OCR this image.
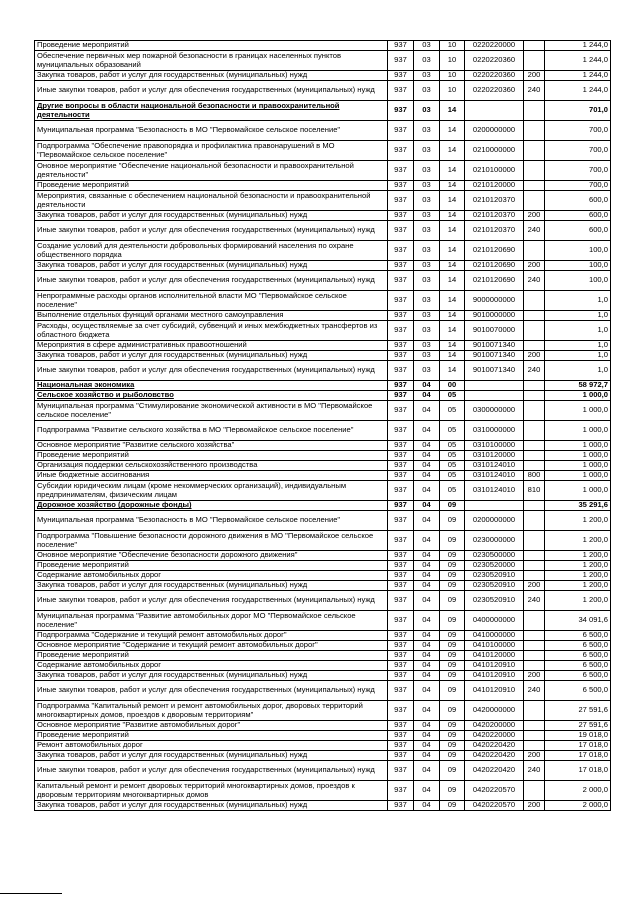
Проведение мероприятий	937	03	10	0220220000		1 244,0
Обеспечение первичных мер пожарной безопасности в границах населенных пунктов муниципальных образований	937	03	10	0220220360		1 244,0
Закупка товаров, работ и услуг для государственных (муниципальных) нужд	937	03	10	0220220360	200	1 244,0
Иные закупки товаров, работ и услуг для обеспечения государственных (муниципальных) нужд	937	03	10	0220220360	240	1 244,0
Другие вопросы в области национальной безопасности и правоохранительной деятельности	937	03	14			701,0
Муниципальная программа "Безопасность в МО "Первомайское сельское поселение"	937	03	14	0200000000		700,0
Подпрограмма "Обеспечение правопорядка и профилактика правонарушений в МО "Первомайское сельское поселение"	937	03	14	0210000000		700,0
Оновное мероприятие "Обеспечение национальной безопасности и правоохранительной деятельности"	937	03	14	0210100000		700,0
Проведение мероприятий	937	03	14	0210120000		700,0
Мероприятия, связанные с обеспечением национальной безопасности и правоохранительной деятельности	937	03	14	0210120370		600,0
Закупка товаров, работ и услуг для государственных (муниципальных) нужд	937	03	14	0210120370	200	600,0
Иные закупки товаров, работ и услуг для обеспечения государственных (муниципальных) нужд	937	03	14	0210120370	240	600,0
Создание условий для деятельности добровольных формирований населения по охране общественного порядка	937	03	14	0210120690		100,0
Закупка товаров, работ и услуг для государственных (муниципальных) нужд	937	03	14	0210120690	200	100,0
Иные закупки товаров, работ и услуг для обеспечения государственных (муниципальных) нужд	937	03	14	0210120690	240	100,0
Непрограммные расходы органов исполнительной власти МО "Первомайское сельское поселение"	937	03	14	9000000000		1,0
Выполнение отдельных функций органами местного самоуправления	937	03	14	9010000000		1,0
Расходы, осуществляемые за счет субсидий, субвенций и иных межбюджетных трансфертов из областного бюджета	937	03	14	9010070000		1,0
Мероприятия в сфере административных правоотношений	937	03	14	9010071340		1,0
Закупка товаров, работ и услуг для государственных (муниципальных) нужд	937	03	14	9010071340	200	1,0
Иные закупки товаров, работ и услуг для обеспечения государственных (муниципальных) нужд	937	03	14	9010071340	240	1,0
Национальная экономика	937	04	00			58 972,7
Сельское хозяйство и рыболовство	937	04	05			1 000,0
Муниципальная программа "Стимулирование экономической активности в МО "Первомайское сельское поселение"	937	04	05	0300000000		1 000,0
Подпрограмма "Развитие сельского хозяйства в МО "Первомайское сельское поселение"	937	04	05	0310000000		1 000,0
Основное мероприятие "Развитие сельского хозяйства"	937	04	05	0310100000		1 000,0
Проведение мероприятий	937	04	05	0310120000		1 000,0
Организация поддержки сельскохозяйственного производства	937	04	05	0310124010		1 000,0
Иные бюджетные ассигнования	937	04	05	0310124010	800	1 000,0
Субсидии юридическим лицам (кроме некоммерческих организаций), индивидуальным предпринимателям, физическим лицам	937	04	05	0310124010	810	1 000,0
Дорожное хозяйство (дорожные фонды)	937	04	09			35 291,6
Муниципальная программа "Безопасность в МО "Первомайское сельское поселение"	937	04	09	0200000000		1 200,0
Подпрограмма "Повышение безопасности дорожного движения в МО "Первомайское сельское поселение"	937	04	09	0230000000		1 200,0
Оновное мероприятие "Обеспечение безопасности дорожного движения"	937	04	09	0230500000		1 200,0
Проведение мероприятий	937	04	09	0230520000		1 200,0
Содержание автомобильных дорог	937	04	09	0230520910		1 200,0
Закупка товаров, работ и услуг для государственных (муниципальных) нужд	937	04	09	0230520910	200	1 200,0
Иные закупки товаров, работ и услуг для обеспечения государственных (муниципальных) нужд	937	04	09	0230520910	240	1 200,0
Муниципальная программа "Развитие автомобильных дорог МО "Первомайское сельское поселение"	937	04	09	0400000000		34 091,6
Подпрограмма "Содержание и текущий ремонт автомобильных дорог"	937	04	09	0410000000		6 500,0
Основное мероприятие "Содержание и текущий ремонт автомобильных дорог"	937	04	09	0410100000		6 500,0
Проведение мероприятий	937	04	09	0410120000		6 500,0
Содержание автомобильных дорог	937	04	09	0410120910		6 500,0
Закупка товаров, работ и услуг для государственных (муниципальных) нужд	937	04	09	0410120910	200	6 500,0
Иные закупки товаров, работ и услуг для обеспечения государственных (муниципальных) нужд	937	04	09	0410120910	240	6 500,0
Подпрограмма "Капитальный ремонт и ремонт автомобильных дорог, дворовых территорий многоквартирных домов, проездов к дворовым территориям"	937	04	09	0420000000		27 591,6
Основное мероприятие "Развитие автомобильных дорог"	937	04	09	0420200000		27 591,6
Проведение мероприятий	937	04	09	0420220000		19 018,0
Ремонт автомобильных дорог	937	04	09	0420220420		17 018,0
Закупка товаров, работ и услуг для государственных (муниципальных) нужд	937	04	09	0420220420	200	17 018,0
Иные закупки товаров, работ и услуг для обеспечения государственных (муниципальных) нужд	937	04	09	0420220420	240	17 018,0
Капитальный ремонт и ремонт дворовых территорий многоквартирных домов, проездов к дворовым территориям многоквартирных домов	937	04	09	0420220570		2 000,0
Закупка товаров, работ и услуг для государственных (муниципальных) нужд	937	04	09	0420220570	200	2 000,0
